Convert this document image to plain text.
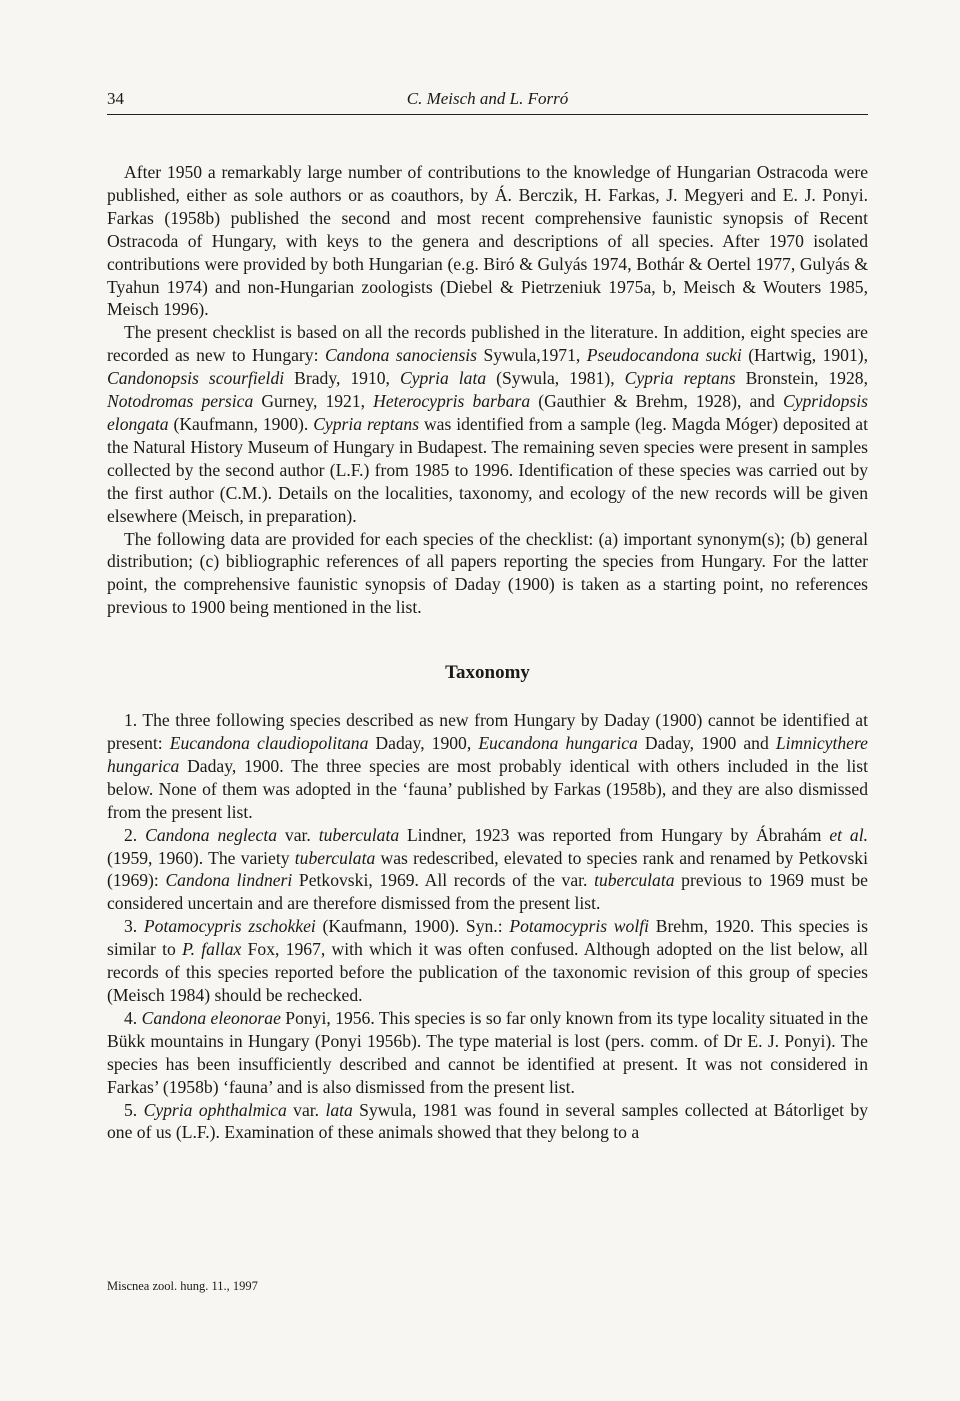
34	C. Meisch and L. Forró

After 1950 a remarkably large number of contributions to the knowledge of Hungarian Ostracoda were published, either as sole authors or as coauthors, by Á. Berczik, H. Farkas, J. Megyeri and E. J. Ponyi. Farkas (1958b) published the second and most recent comprehensive faunistic synopsis of Recent Ostracoda of Hungary, with keys to the genera and descriptions of all species. After 1970 isolated contributions were provided by both Hungarian (e.g. Biró & Gulyás 1974, Bothár & Oertel 1977, Gulyás & Tyahun 1974) and non-Hungarian zoologists (Diebel & Pietrzeniuk 1975a, b, Meisch & Wouters 1985, Meisch 1996).

The present checklist is based on all the records published in the literature. In addition, eight species are recorded as new to Hungary: Candona sanociensis Sywula,1971, Pseudocandona sucki (Hartwig, 1901), Candonopsis scourfieldi Brady, 1910, Cypria lata (Sywula, 1981), Cypria reptans Bronstein, 1928, Notodromas persica Gurney, 1921, Heterocypris barbara (Gauthier & Brehm, 1928), and Cypridopsis elongata (Kaufmann, 1900). Cypria reptans was identified from a sample (leg. Magda Móger) deposited at the Natural History Museum of Hungary in Budapest. The remaining seven species were present in samples collected by the second author (L.F.) from 1985 to 1996. Identification of these species was carried out by the first author (C.M.). Details on the localities, taxonomy, and ecology of the new records will be given elsewhere (Meisch, in preparation).

The following data are provided for each species of the checklist: (a) important synonym(s); (b) general distribution; (c) bibliographic references of all papers reporting the species from Hungary. For the latter point, the comprehensive faunistic synopsis of Daday (1900) is taken as a starting point, no references previous to 1900 being mentioned in the list.

Taxonomy

1. The three following species described as new from Hungary by Daday (1900) cannot be identified at present: Eucandona claudiopolitana Daday, 1900, Eucandona hungarica Daday, 1900 and Limnicythere hungarica Daday, 1900. The three species are most probably identical with others included in the list below. None of them was adopted in the ‘fauna’ published by Farkas (1958b), and they are also dismissed from the present list.

2. Candona neglecta var. tuberculata Lindner, 1923 was reported from Hungary by Ábrahám et al. (1959, 1960). The variety tuberculata was redescribed, elevated to species rank and renamed by Petkovski (1969): Candona lindneri Petkovski, 1969. All records of the var. tuberculata previous to 1969 must be considered uncertain and are therefore dismissed from the present list.

3. Potamocypris zschokkei (Kaufmann, 1900). Syn.: Potamocypris wolfi Brehm, 1920. This species is similar to P. fallax Fox, 1967, with which it was often confused. Although adopted on the list below, all records of this species reported before the publication of the taxonomic revision of this group of species (Meisch 1984) should be rechecked.

4. Candona eleonorae Ponyi, 1956. This species is so far only known from its type locality situated in the Bükk mountains in Hungary (Ponyi 1956b). The type material is lost (pers. comm. of Dr E. J. Ponyi). The species has been insufficiently described and cannot be identified at present. It was not considered in Farkas’ (1958b) ‘fauna’ and is also dismissed from the present list.

5. Cypria ophthalmica var. lata Sywula, 1981 was found in several samples collected at Bátorliget by one of us (L.F.). Examination of these animals showed that they belong to a

Miscnea zool. hung. 11., 1997
